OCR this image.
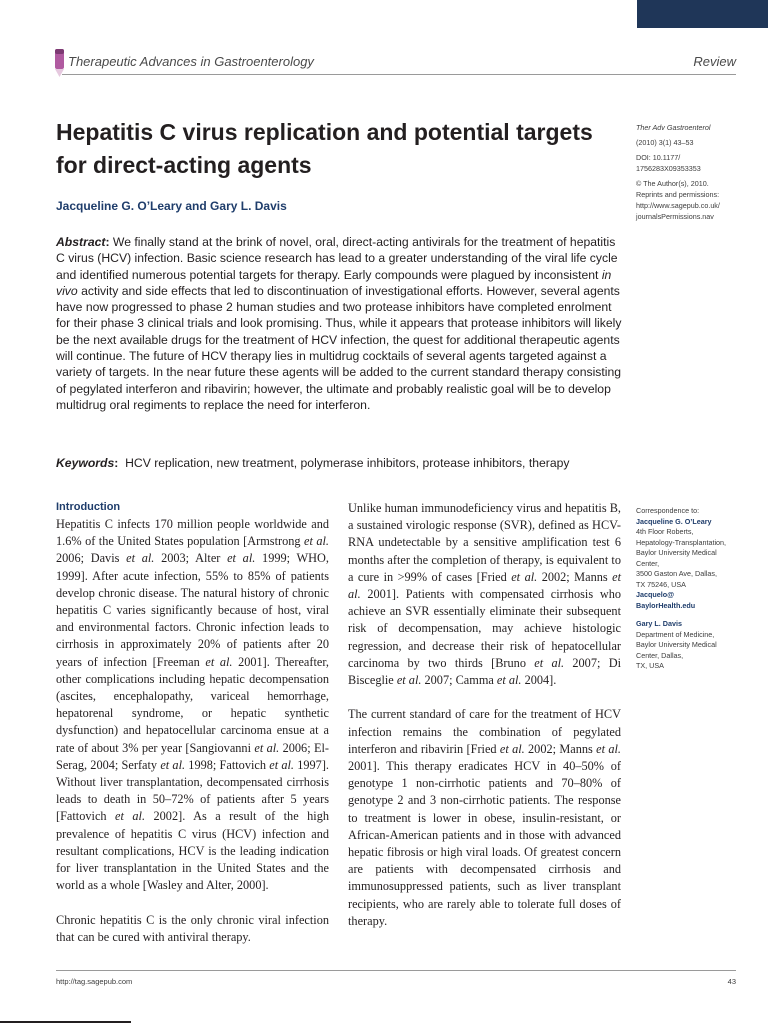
Therapeutic Advances in Gastroenterology	Review
Hepatitis C virus replication and potential targets for direct-acting agents
Jacqueline G. O’Leary and Gary L. Davis
Ther Adv Gastroenterol
(2010) 3(1) 43–53
DOI: 10.1177/
1756283X09353353
© The Author(s), 2010.
Reprints and permissions:
http://www.sagepub.co.uk/
journalsPermissions.nav

Abstract: We finally stand at the brink of novel, oral, direct-acting antivirals for the treatment of hepatitis C virus (HCV) infection. Basic science research has lead to a greater understanding of the viral life cycle and identified numerous potential targets for therapy. Early compounds were plagued by inconsistent in vivo activity and side effects that led to discontinuation of investigational efforts. However, several agents have now progressed to phase 2 human studies and two protease inhibitors have completed enrolment for their phase 3 clinical trials and look promising. Thus, while it appears that protease inhibitors will likely be the next available drugs for the treatment of HCV infection, the quest for additional therapeutic agents will continue. The future of HCV therapy lies in multidrug cocktails of several agents targeted against a variety of targets. In the near future these agents will be added to the current standard therapy consisting of pegylated interferon and ribavirin; however, the ultimate and probably realistic goal will be to develop multidrug oral regiments to replace the need for interferon.

Keywords: HCV replication, new treatment, polymerase inhibitors, protease inhibitors, therapy
Introduction

Hepatitis C infects 170 million people worldwide and 1.6% of the United States population [Armstrong et al. 2006; Davis et al. 2003; Alter et al. 1999; WHO, 1999]. After acute infection, 55% to 85% of patients develop chronic disease. The natural history of chronic hepatitis C varies significantly because of host, viral and environmental factors. Chronic infection leads to cirrhosis in approximately 20% of patients after 20 years of infection [Freeman et al. 2001]. Thereafter, other complications including hepatic decompensation (ascites, encephalopathy, variceal hemorrhage, hepatorenal syndrome, or hepatic synthetic dysfunction) and hepatocellular carcinoma ensue at a rate of about 3% per year [Sangiovanni et al. 2006; El-Serag, 2004; Serfaty et al. 1998; Fattovich et al. 1997]. Without liver transplantation, decompensated cirrhosis leads to death in 50–72% of patients after 5 years [Fattovich et al. 2002]. As a result of the high prevalence of hepatitis C virus (HCV) infection and resultant complications, HCV is the leading indication for liver transplantation in the United States and the world as a whole [Wasley and Alter, 2000].

Chronic hepatitis C is the only chronic viral infection that can be cured with antiviral therapy.

Unlike human immunodeficiency virus and hepatitis B, a sustained virologic response (SVR), defined as HCV-RNA undetectable by a sensitive amplification test 6 months after the completion of therapy, is equivalent to a cure in >99% of cases [Fried et al. 2002; Manns et al. 2001]. Patients with compensated cirrhosis who achieve an SVR essentially eliminate their subsequent risk of decompensation, may achieve histologic regression, and decrease their risk of hepatocellular carcinoma by two thirds [Bruno et al. 2007; Di Bisceglie et al. 2007; Camma et al. 2004].

The current standard of care for the treatment of HCV infection remains the combination of pegylated interferon and ribavirin [Fried et al. 2002; Manns et al. 2001]. This therapy eradicates HCV in 40–50% of genotype 1 non-cirrhotic patients and 70–80% of genotype 2 and 3 non-cirrhotic patients. The response to treatment is lower in obese, insulin-resistant, or African-American patients and in those with advanced hepatic fibrosis or high viral loads. Of greatest concern are patients with decompensated cirrhosis and immunosuppressed patients, such as liver transplant recipients, who are rarely able to tolerate full doses of therapy.

Correspondence to:
Jacqueline G. O’Leary
4th Floor Roberts,
Hepatology-Transplantation,
Baylor University Medical
Center,
3500 Gaston Ave, Dallas,
TX 75246, USA
Jacquelo@
BaylorHealth.edu
Gary L. Davis
Department of Medicine,
Baylor University Medical
Center, Dallas,
TX, USA
http://tag.sagepub.com	43
